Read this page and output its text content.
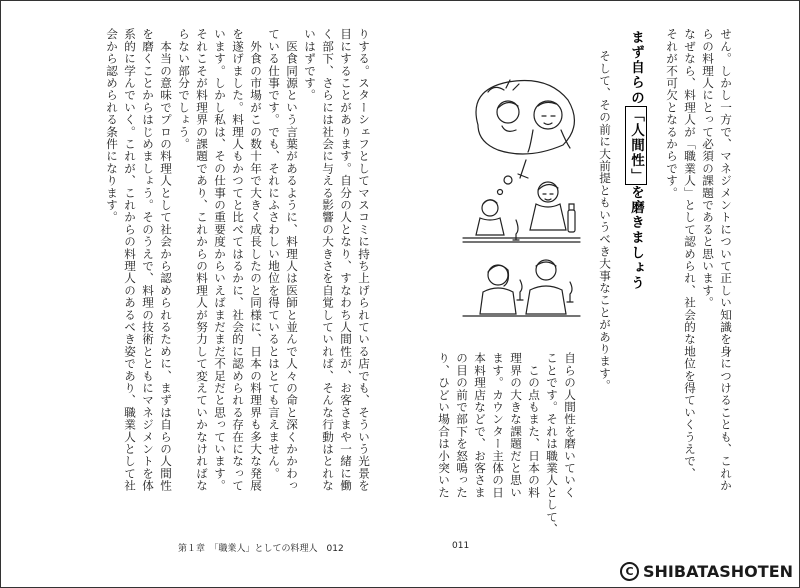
せん。しかし一方で、マネジメントについて正しい知識を身につけることも、これか
らの料理人にとって必須の課題であると思います。
なぜなら、料理人が「職業人」として認められ、社会的な地位を得ていくうえで、
それが不可欠となるからです。
まず自らの「人間性」を磨きましょう
そして、その前に大前提ともいうべき大事なことがあります。
自らの人間性を磨いていく
ことです。それは職業人として、
　この点もまた、日本の料
理界の大きな課題だと思い
ます。カウンター主体の日
本料理店などで、お客さま
の目の前で部下を怒鳴った
り、ひどい場合は小突いた
りする。スターシェフとしてマスコミに持ち上げられている店でも、そういう光景を
目にすることがあります。自分の人となり、すなわち人間性が、お客さまや一緒に働
く部下、さらには社会に与える影響の大きさを自覚していれば、そんな行動はとれな
いはずです。
　医食同源という言葉があるように、料理人は医師と並んで人々の命と深くかかわっ
ている仕事です。でも、それにふさわしい地位を得ているとはとても言えません。
　外食の市場がこの数十年で大きく成長したのと同様に、日本の料理界も多大な発展
を遂げました。料理人もかつてと比べてはるかに、社会的に認められる存在になって
います。しかし私は、その仕事の重要度からいえばまだまだ不足だと思っています。
それこそが料理界の課題であり、これからの料理人が努力して変えていかなければな
らない部分でしょう。
　本当の意味でプロの料理人として社会から認められるために、まずは自らの人間性
を磨くことからはじめましょう。そのうえで、料理の技術とともにマネジメントを体
系的に学んでいく。これが、これからの料理人のあるべき姿であり、職業人として社
会から認められる条件になります。
第１章　「職業人」としての料理人　012	011
C SHIBATASHOTEN
